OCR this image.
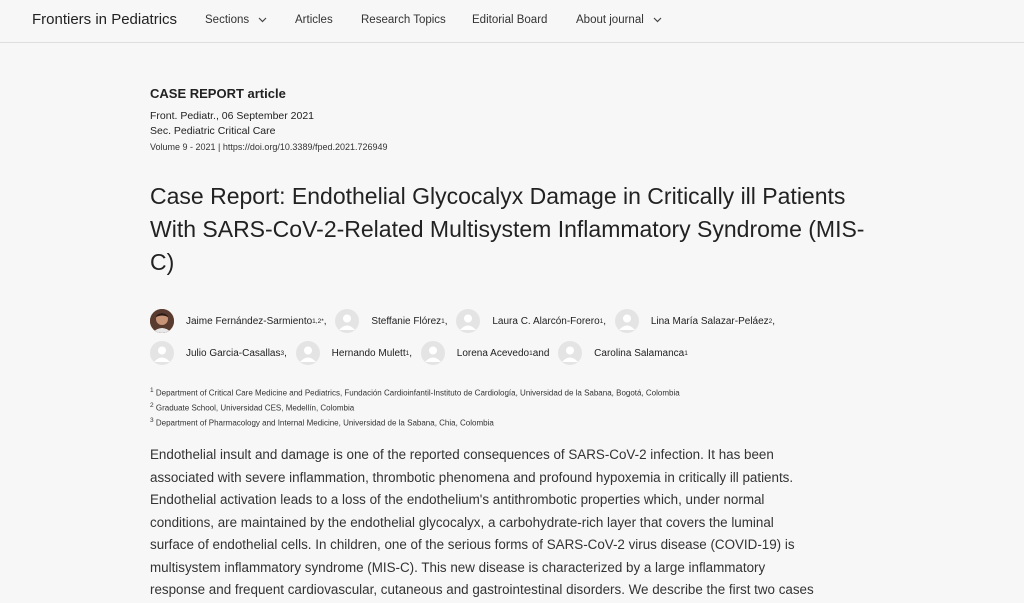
Frontiers in Pediatrics Sections	Articles Research Topics Editorial Board About journal
CASE REPORT article
Front. Pediatr., 06 September 2021
Sec. Pediatric Critical Care
Volume 9 - 2021 | https://doi.org/10.3389/fped.2021.726949
Case Report: Endothelial Glycocalyx Damage in Critically ill Patients With SARS-CoV-2-Related Multisystem Inflammatory Syndrome (MIS-C)
Jaime Fernández-Sarmiento 1,2* ,
	Steffanie Flórez 1 ,
	Laura C. Alarcón-Forero 1 ,
	Lina María Salazar-Peláez 2 ,
Julio Garcia-Casallas 3 ,
	Hernando Mulett 1 ,
	Lorena Acevedo 1 and
	Carolina Salamanca 1
$^1$ Department of Critical Care Medicine and Pediatrics, Fundación Cardioinfantil-Instituto de Cardiología, Universidad de la Sabana, Bogotá, Colombia
$^2$ Graduate School, Universidad CES, Medellín, Colombia
$^3$ Department of Pharmacology and Internal Medicine, Universidad de la Sabana, Chia, Colombia
Endothelial insult and damage is one of the reported consequences of SARS-CoV-2 infection. It has been
associated with severe inflammation, thrombotic phenomena and profound hypoxemia in critically ill patients.
Endothelial activation leads to a loss of the endothelium's antithrombotic properties which, under normal
conditions, are maintained by the endothelial glycocalyx, a carbohydrate-rich layer that covers the luminal
surface of endothelial cells. In children, one of the serious forms of SARS-CoV-2 virus disease (COVID-19) is
multisystem inflammatory syndrome (MIS-C). This new disease is characterized by a large inflammatory
response and frequent cardiovascular, cutaneous and gastrointestinal disorders. We describe the first two cases
